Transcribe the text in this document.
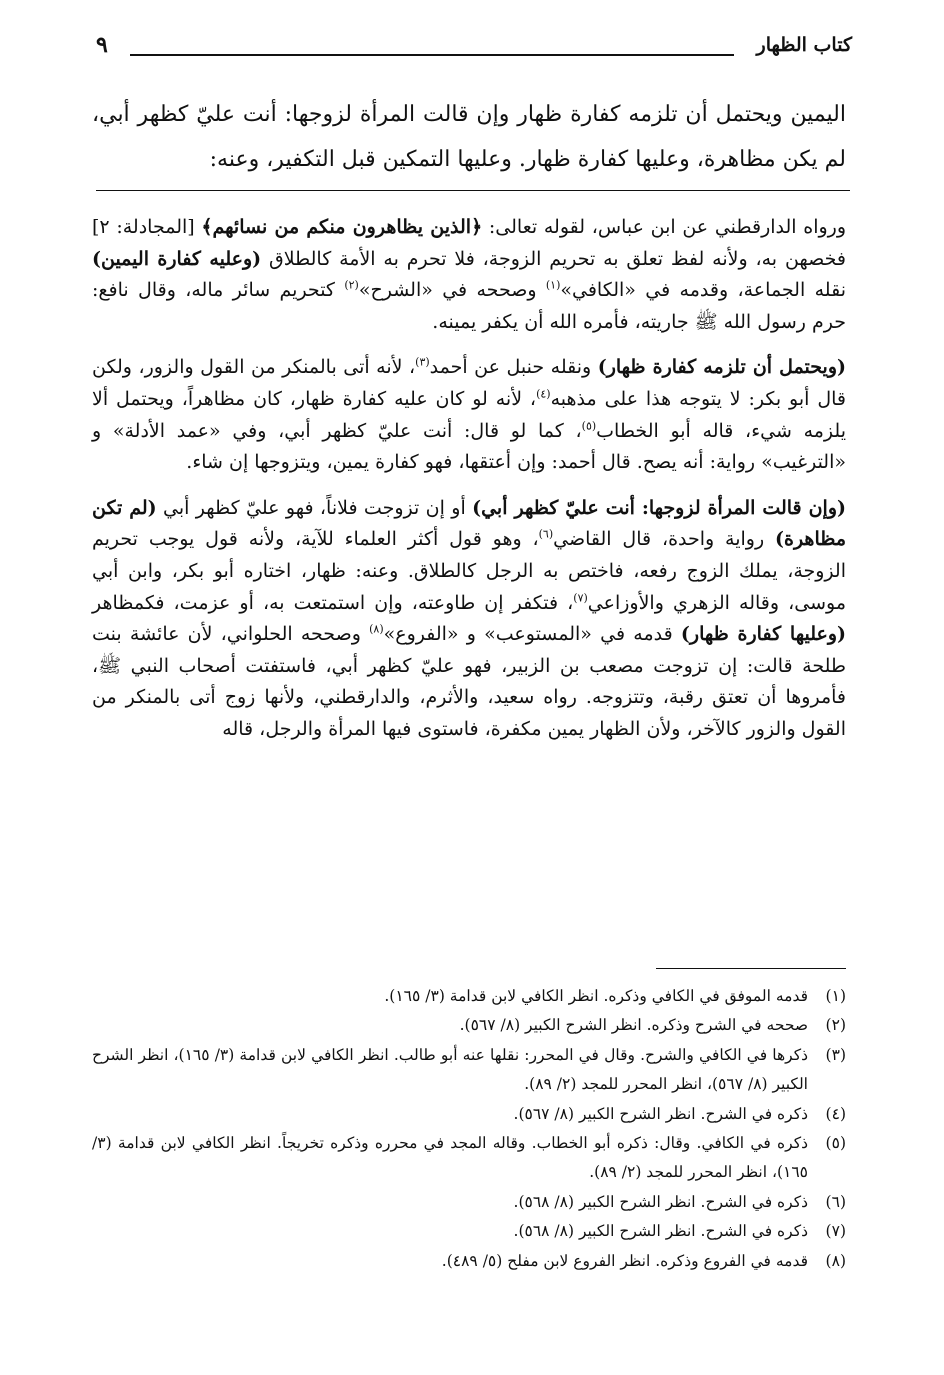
كتاب الظهار
٩

اليمين ويحتمل أن تلزمه كفارة ظهار وإن قالت المرأة لزوجها: أنت عليّ كظهر أبي، لم يكن مظاهرة، وعليها كفارة ظهار. وعليها التمكين قبل التكفير، وعنه:

ورواه الدارقطني عن ابن عباس، لقوله تعالى: ﴿الذين يظاهرون منكم من نسائهم﴾ [المجادلة: ٢] فخصهن به، ولأنه لفظ تعلق به تحريم الزوجة، فلا تحرم به الأمة كالطلاق (وعليه كفارة اليمين) نقله الجماعة، وقدمه في «الكافي»$^{(١)}$ وصححه في «الشرح»$^{(٢)}$ كتحريم سائر ماله، وقال نافع: حرم رسول الله ﷺ جاريته، فأمره الله أن يكفر يمينه.

(ويحتمل أن تلزمه كفارة ظهار) ونقله حنبل عن أحمد$^{(٣)}$، لأنه أتى بالمنكر من القول والزور، ولكن قال أبو بكر: لا يتوجه هذا على مذهبه$^{(٤)}$، لأنه لو كان عليه كفارة ظهار، كان مظاهراً، ويحتمل ألا يلزمه شيء، قاله أبو الخطاب$^{(٥)}$، كما لو قال: أنت عليّ كظهر أبي، وفي «عمد الأدلة» و «الترغيب» رواية: أنه يصح. قال أحمد: وإن أعتقها، فهو كفارة يمين، ويتزوجها إن شاء.

(وإن قالت المرأة لزوجها: أنت عليّ كظهر أبي) أو إن تزوجت فلاناً، فهو عليّ كظهر أبي (لم تكن مظاهرة) رواية واحدة، قال القاضي$^{(٦)}$، وهو قول أكثر العلماء للآية، ولأنه قول يوجب تحريم الزوجة، يملك الزوج رفعه، فاختص به الرجل كالطلاق. وعنه: ظهار، اختاره أبو بكر، وابن أبي موسى، وقاله الزهري والأوزاعي$^{(٧)}$، فتكفر إن طاوعته، وإن استمتعت به، أو عزمت، فكمظاهر (وعليها كفارة ظهار) قدمه في «المستوعب» و «الفروع»$^{(٨)}$ وصححه الحلواني، لأن عائشة بنت طلحة قالت: إن تزوجت مصعب بن الزبير، فهو عليّ كظهر أبي، فاستفتت أصحاب النبي ﷺ، فأمروها أن تعتق رقبة، وتتزوجه. رواه سعيد، والأثرم، والدارقطني، ولأنها زوج أتى بالمنكر من القول والزور كالآخر، ولأن الظهار يمين مكفرة، فاستوى فيها المرأة والرجل، قاله

(١)
قدمه الموفق في الكافي وذكره. انظر الكافي لابن قدامة (٣/ ١٦٥).
(٢)
صححه في الشرح وذكره. انظر الشرح الكبير (٨/ ٥٦٧).
(٣)
ذكرها في الكافي والشرح. وقال في المحرر: نقلها عنه أبو طالب. انظر الكافي لابن قدامة (٣/ ١٦٥)، انظر الشرح الكبير (٨/ ٥٦٧)، انظر المحرر للمجد (٢/ ٨٩).
(٤)
ذكره في الشرح. انظر الشرح الكبير (٨/ ٥٦٧).
(٥)
ذكره في الكافي. وقال: ذكره أبو الخطاب. وقاله المجد في محرره وذكره تخريجاً. انظر الكافي لابن قدامة (٣/ ١٦٥)، انظر المحرر للمجد (٢/ ٨٩).
(٦)
ذكره في الشرح. انظر الشرح الكبير (٨/ ٥٦٨).
(٧)
ذكره في الشرح. انظر الشرح الكبير (٨/ ٥٦٨).
(٨)
قدمه في الفروع وذكره. انظر الفروع لابن مفلح (٥/ ٤٨٩).
